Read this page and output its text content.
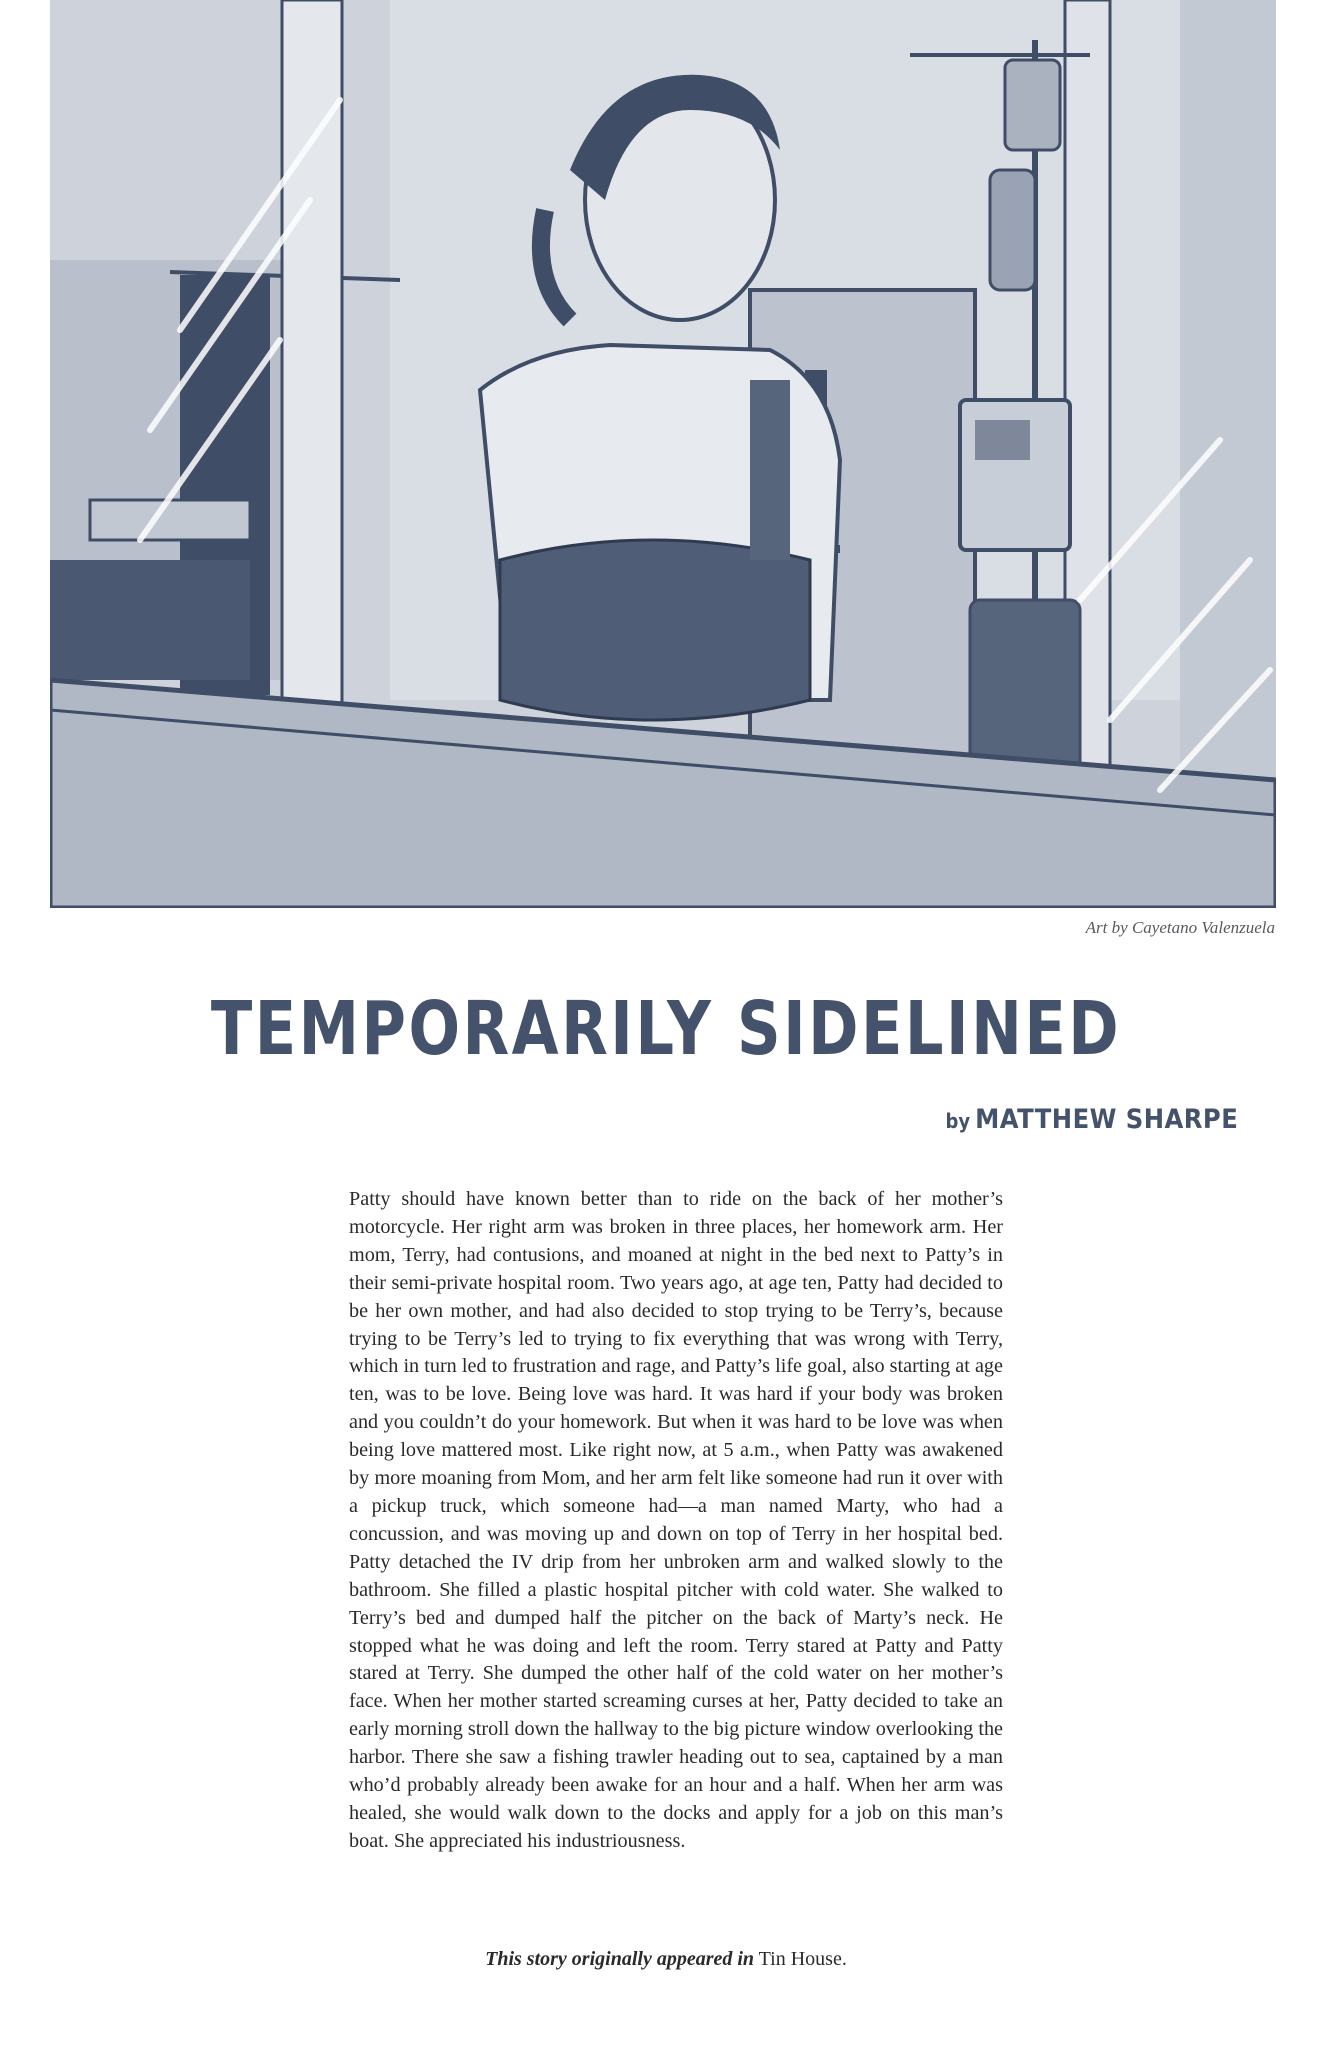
Art by Cayetano Valenzuela
TEMPORARILY SIDELINED
by MATTHEW SHARPE

Patty should have known better than to ride on the back of her mother’s motorcycle. Her right arm was broken in three places, her homework arm. Her mom, Terry, had contusions, and moaned at night in the bed next to Patty’s in their semi-private hospital room. Two years ago, at age ten, Patty had decided to be her own mother, and had also decided to stop trying to be Terry’s, because trying to be Terry’s led to trying to fix everything that was wrong with Terry, which in turn led to frustration and rage, and Patty’s life goal, also starting at age ten, was to be love. Being love was hard. It was hard if your body was broken and you couldn’t do your homework. But when it was hard to be love was when being love mattered most. Like right now, at 5 a.m., when Patty was awakened by more moaning from Mom, and her arm felt like someone had run it over with a pickup truck, which someone had—a man named Marty, who had a concussion, and was moving up and down on top of Terry in her hospital bed. Patty detached the IV drip from her unbroken arm and walked slowly to the bathroom. She filled a plastic hospital pitcher with cold water. She walked to Terry’s bed and dumped half the pitcher on the back of Marty’s neck. He stopped what he was doing and left the room. Terry stared at Patty and Patty stared at Terry. She dumped the other half of the cold water on her mother’s face. When her mother started screaming curses at her, Patty decided to take an early morning stroll down the hallway to the big picture window overlooking the harbor. There she saw a fishing trawler heading out to sea, captained by a man who’d probably already been awake for an hour and a half. When her arm was healed, she would walk down to the docks and apply for a job on this man’s boat. She appreciated his industriousness.

This story originally appeared in Tin House.
